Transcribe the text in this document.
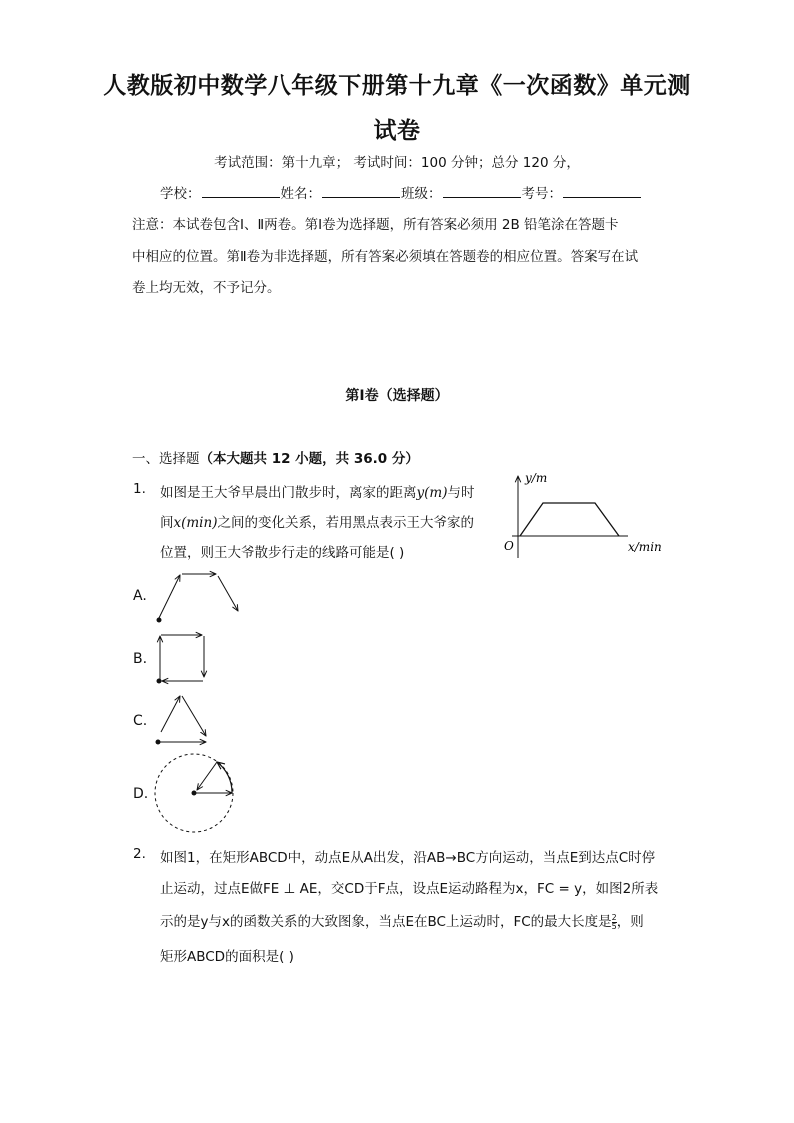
人教版初中数学八年级下册第十九章《一次函数》单元测
试卷
考试范围：第十九章； 考试时间：100 分钟；总分 120 分，
学校：	姓名：	班级：	考号：
注意：本试卷包含Ⅰ、Ⅱ两卷。第Ⅰ卷为选择题，所有答案必须用 2B 铅笔涂在答题卡
中相应的位置。第Ⅱ卷为非选择题，所有答案必须填在答题卷的相应位置。答案写在试
卷上均无效，不予记分。
第Ⅰ卷（选择题）
一、选择题（本大题共 12 小题，共 36.0 分）
1. 如图是王大爷早晨出门散步时，离家的距离y(m)与时
间x(min)之间的变化关系，若用黑点表示王大爷家的
位置，则王大爷散步行走的线路可能是( )
y/m
x/min
O
A.
B.
C.
D.
2. 如图1，在矩形ABCD中，动点E从A出发，沿AB→BC方向运动，当点E到达点C时停
止运动，过点E做FE ⊥ AE，交CD于F点，设点E运动路程为x，FC = y，如图2所表
示的是y与x的函数关系的大致图象，当点E在BC上运动时，FC的最大长度是 $\frac{2}{5}$ ，则
矩形ABCD的面积是( )
